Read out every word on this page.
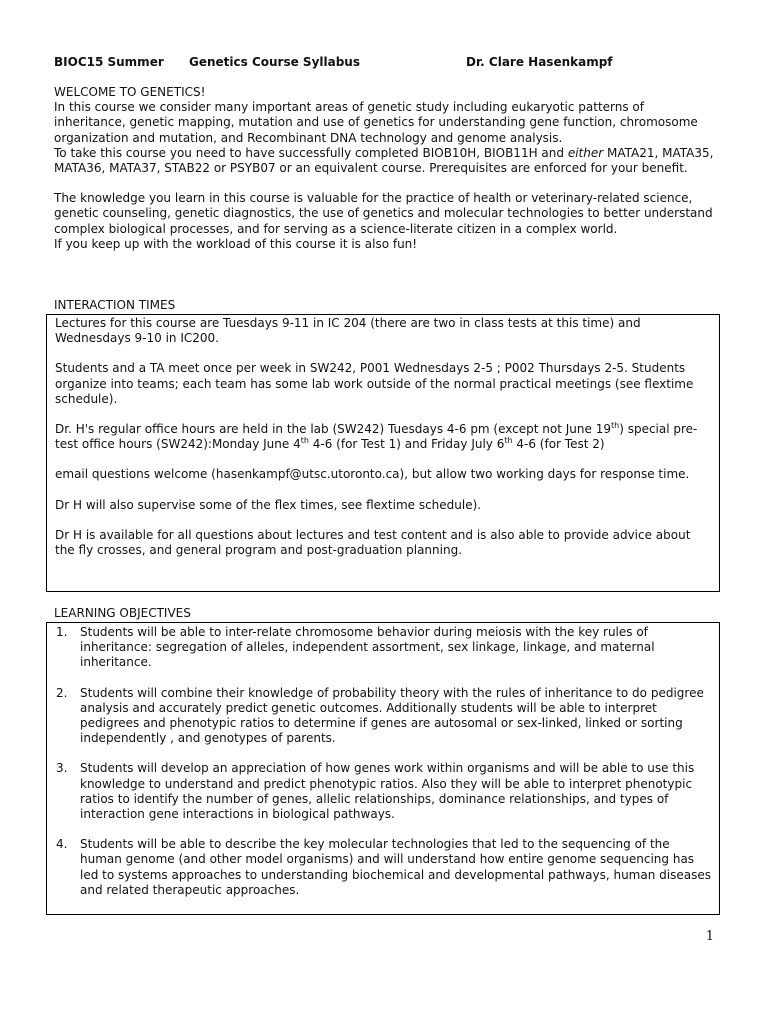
BIOC15 Summer Genetics Course Syllabus	Dr. Clare Hasenkampf

WELCOME TO GENETICS!

In this course we consider many important areas of genetic study including eukaryotic patterns of inheritance, genetic mapping, mutation and use of genetics for understanding gene function, chromosome organization and mutation, and Recombinant DNA technology and genome analysis.

To take this course you need to have successfully completed BIOB10H, BIOB11H and either MATA21, MATA35, MATA36, MATA37, STAB22 or PSYB07 or an equivalent course. Prerequisites are enforced for your benefit.

The knowledge you learn in this course is valuable for the practice of health or veterinary-related science, genetic counseling, genetic diagnostics, the use of genetics and molecular technologies to better understand complex biological processes, and for serving as a science-literate citizen in a complex world.

If you keep up with the workload of this course it is also fun!

INTERACTION TIMES

Lectures for this course are Tuesdays 9-11 in IC 204 (there are two in class tests at this time) and Wednesdays 9-10 in IC200.

Students and a TA meet once per week in SW242, P001 Wednesdays 2-5 ; P002 Thursdays 2-5. Students organize into teams; each team has some lab work outside of the normal practical meetings (see flextime schedule).

Dr. H's regular office hours are held in the lab (SW242) Tuesdays 4-6 pm (except not June 19th) special pre-test office hours (SW242):Monday June 4th 4-6 (for Test 1) and Friday July 6th 4-6 (for Test 2)

email questions welcome (hasenkampf@utsc.utoronto.ca), but allow two working days for response time.

Dr H will also supervise some of the flex times, see flextime schedule).

Dr H is available for all questions about lectures and test content and is also able to provide advice about the fly crosses, and general program and post-graduation planning.

LEARNING OBJECTIVES

1.	Students will be able to inter-relate chromosome behavior during meiosis with the key rules of inheritance: segregation of alleles, independent assortment, sex linkage, linkage, and maternal inheritance.
2.	Students will combine their knowledge of probability theory with the rules of inheritance to do pedigree analysis and accurately predict genetic outcomes. Additionally students will be able to interpret pedigrees and phenotypic ratios to determine if genes are autosomal or sex-linked, linked or sorting independently , and genotypes of parents.
3.	Students will develop an appreciation of how genes work within organisms and will be able to use this knowledge to understand and predict phenotypic ratios. Also they will be able to interpret phenotypic ratios to identify the number of genes, allelic relationships, dominance relationships, and types of interaction gene interactions in biological pathways.
4.	Students will be able to describe the key molecular technologies that led to the sequencing of the human genome (and other model organisms) and will understand how entire genome sequencing has led to systems approaches to understanding biochemical and developmental pathways, human diseases and related therapeutic approaches.
1
